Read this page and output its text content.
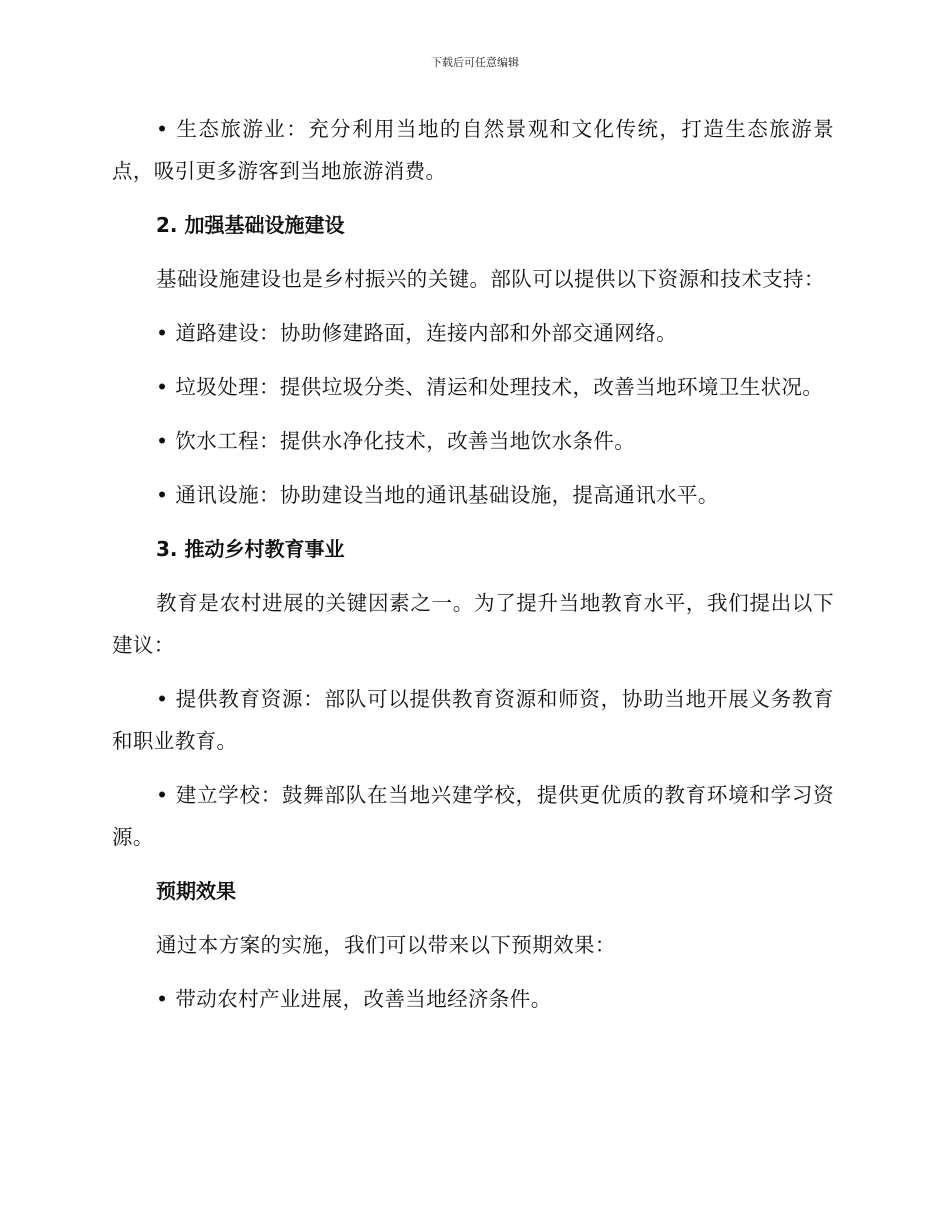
下载后可任意编辑

• 生态旅游业：充分利用当地的自然景观和文化传统，打造生态旅游景点，吸引更多游客到当地旅游消费。

2. 加强基础设施建设

基础设施建设也是乡村振兴的关键。部队可以提供以下资源和技术支持：

• 道路建设：协助修建路面，连接内部和外部交通网络。

• 垃圾处理：提供垃圾分类、清运和处理技术，改善当地环境卫生状况。

• 饮水工程：提供水净化技术，改善当地饮水条件。

• 通讯设施：协助建设当地的通讯基础设施，提高通讯水平。

3. 推动乡村教育事业

教育是农村进展的关键因素之一。为了提升当地教育水平，我们提出以下建议：

• 提供教育资源：部队可以提供教育资源和师资，协助当地开展义务教育和职业教育。

• 建立学校：鼓舞部队在当地兴建学校，提供更优质的教育环境和学习资源。

预期效果

通过本方案的实施，我们可以带来以下预期效果：

• 带动农村产业进展，改善当地经济条件。
